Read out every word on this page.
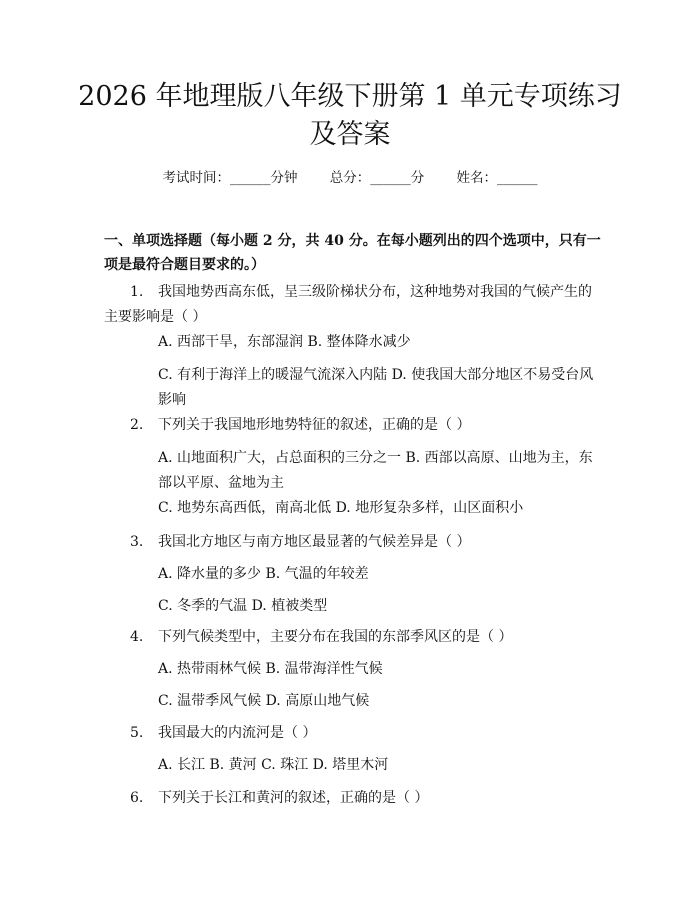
2026 年地理版八年级下册第 1 单元专项练习
及答案
考试时间：______分钟 总分：______分 姓名：______

一、单项选择题（每小题 2 分，共 40 分。在每小题列出的四个选项中，只有一项是最符合题目要求的。）

1. 我国地势西高东低，呈三级阶梯状分布，这种地势对我国的气候产生的主要影响是（ ）

A. 西部干旱，东部湿润 B. 整体降水减少

C. 有利于海洋上的暖湿气流深入内陆 D. 使我国大部分地区不易受台风影响

2. 下列关于我国地形地势特征的叙述，正确的是（ ）

A. 山地面积广大，占总面积的三分之一 B. 西部以高原、山地为主，东部以平原、盆地为主

C. 地势东高西低，南高北低 D. 地形复杂多样，山区面积小

3. 我国北方地区与南方地区最显著的气候差异是（ ）

A. 降水量的多少 B. 气温的年较差

C. 冬季的气温 D. 植被类型

4. 下列气候类型中，主要分布在我国的东部季风区的是（ ）

A. 热带雨林气候 B. 温带海洋性气候

C. 温带季风气候 D. 高原山地气候

5. 我国最大的内流河是（ ）

A. 长江 B. 黄河 C. 珠江 D. 塔里木河

6. 下列关于长江和黄河的叙述，正确的是（ ）
